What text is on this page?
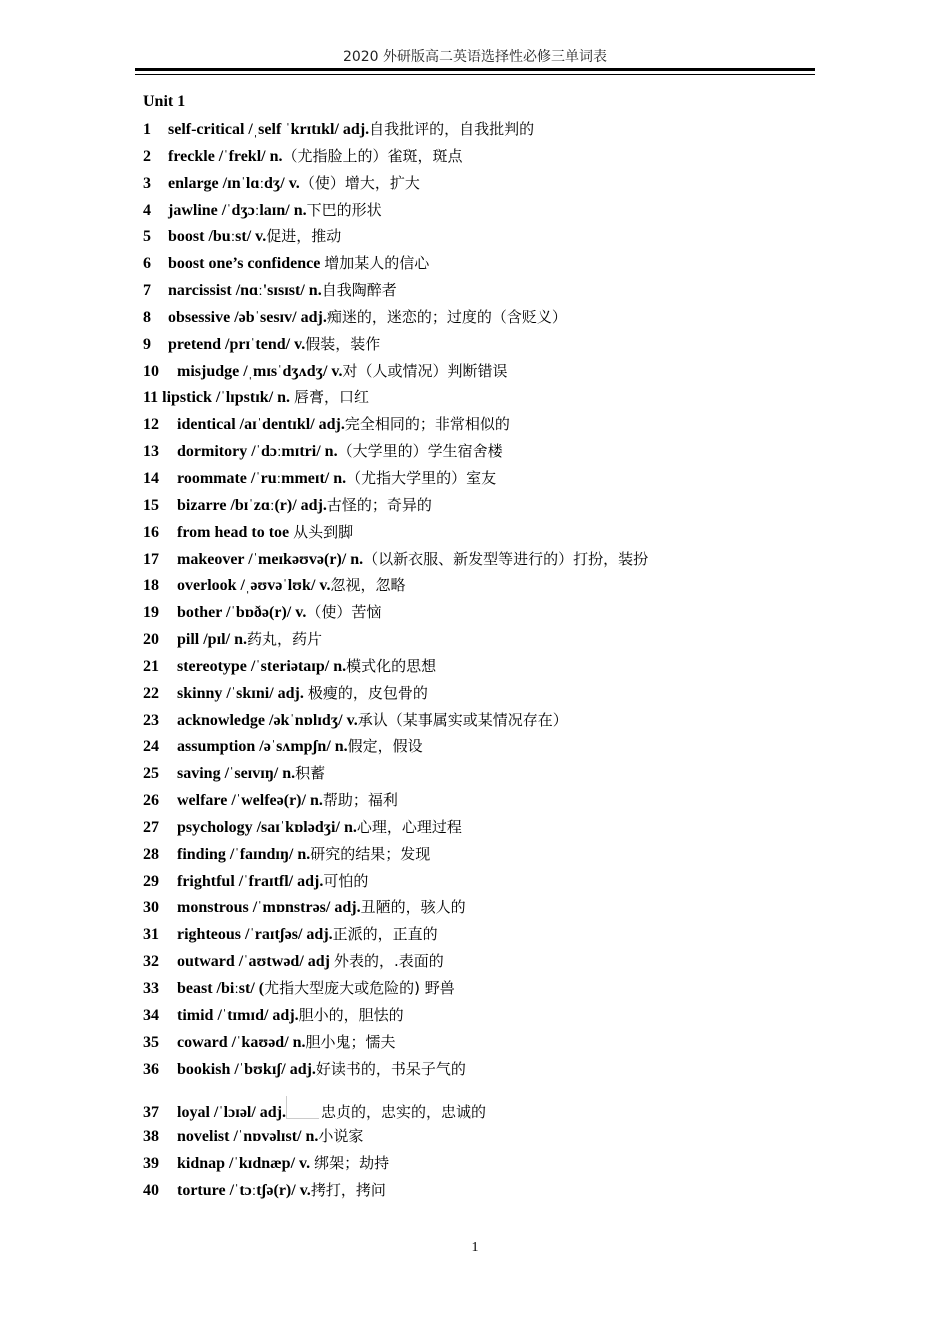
2020 外研版高二英语选择性必修三单词表
Unit 1
1 self-critical /ˌself ˈkrɪtɪkl/ adj.自我批评的，自我批判的
2 freckle /ˈfrekl/ n.（尤指脸上的）雀斑，斑点
3 enlarge /ɪnˈlɑːdʒ/ v.（使）增大，扩大
4 jawline /ˈdʒɔːlaɪn/ n.下巴的形状
5 boost /buːst/ v.促进，推动
6 boost one’s confidence 增加某人的信心
7 narcissist /nɑː'sɪsɪst/ n.自我陶醉者
8 obsessive /əbˈsesɪv/ adj.痴迷的，迷恋的；过度的（含贬义）
9 pretend /prɪˈtend/ v.假装，装作
10 misjudge /ˌmɪsˈdʒʌdʒ/ v.对（人或情况）判断错误
11 lipstick /ˈlɪpstɪk/ n. 唇膏，口红
12 identical /aɪˈdentɪkl/ adj.完全相同的；非常相似的
13 dormitory /ˈdɔːmɪtri/ n.（大学里的）学生宿舍楼
14 roommate /ˈruːmmeɪt/ n.（尤指大学里的）室友
15 bizarre /bɪˈzɑː(r)/ adj.古怪的；奇异的
16 from head to toe 从头到脚
17 makeover /ˈmeɪkəʊvə(r)/ n.（以新衣服、新发型等进行的）打扮，装扮
18 overlook /ˌəʊvəˈlʊk/ v.忽视，忽略
19 bother /ˈbɒðə(r)/ v.（使）苦恼
20 pill /pɪl/ n.药丸，药片
21 stereotype /ˈsteriətaɪp/ n.模式化的思想
22 skinny /ˈskɪni/ adj. 极瘦的，皮包骨的
23 acknowledge /əkˈnɒlɪdʒ/ v.承认（某事属实或某情况存在）
24 assumption /əˈsʌmpʃn/ n.假定，假设
25 saving /ˈseɪvɪŋ/ n.积蓄
26 welfare /ˈwelfeə(r)/ n.帮助；福利
27 psychology /saɪˈkɒlədʒi/ n.心理，心理过程
28 finding /ˈfaɪndɪŋ/ n.研究的结果；发现
29 frightful /ˈfraɪtfl/ adj.可怕的
30 monstrous /ˈmɒnstrəs/ adj.丑陋的，骇人的
31 righteous /ˈraɪtʃəs/ adj.正派的，正直的
32 outward /ˈaʊtwəd/ adj 外表的，.表面的
33 beast /biːst/ (尤指大型庞大或危险的) 野兽
34 timid /ˈtɪmɪd/ adj.胆小的，胆怯的
35 coward /ˈkaʊəd/ n.胆小鬼；懦夫
36 bookish /ˈbʊkɪʃ/ adj.好读书的，书呆子气的
37 loyal /ˈlɔɪəl/ adj. 忠贞的，忠实的，忠诚的
38 novelist /ˈnɒvəlɪst/ n.小说家
39 kidnap /ˈkɪdnæp/ v. 绑架；劫持
40 torture /ˈtɔːtʃə(r)/ v.拷打，拷问
1
